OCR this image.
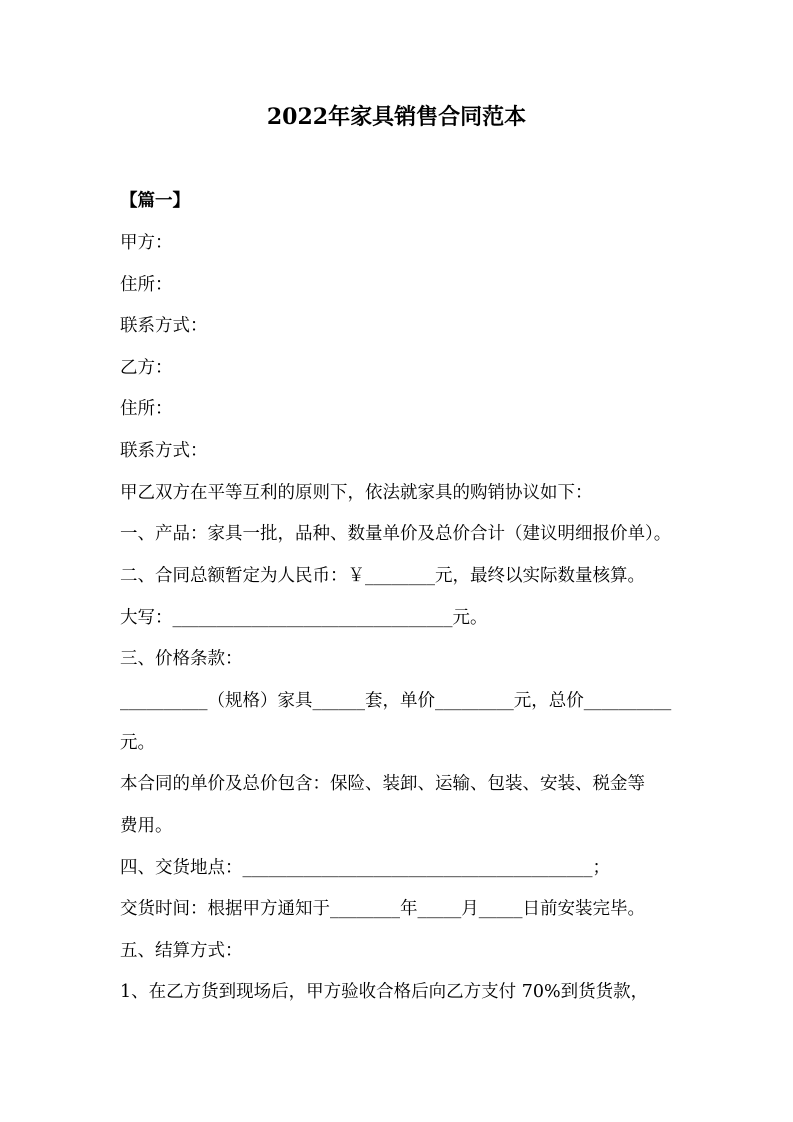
2022年家具销售合同范本
【篇一】
甲方：
住所：
联系方式：
乙方：
住所：
联系方式：
甲乙双方在平等互利的原则下，依法就家具的购销协议如下：
一、产品：家具一批，品种、数量单价及总价合计（建议明细报价单）。
二、合同总额暂定为人民币：￥________元，最终以实际数量核算。
大写：________________________________元。
三、价格条款：
__________（规格）家具______套，单价_________元，总价__________
元。
本合同的单价及总价包含：保险、装卸、运输、包装、安装、税金等
费用。
四、交货地点：________________________________________；
交货时间：根据甲方通知于________年_____月_____日前安装完毕。
五、结算方式：
1、在乙方货到现场后，甲方验收合格后向乙方支付 70%到货货款，
